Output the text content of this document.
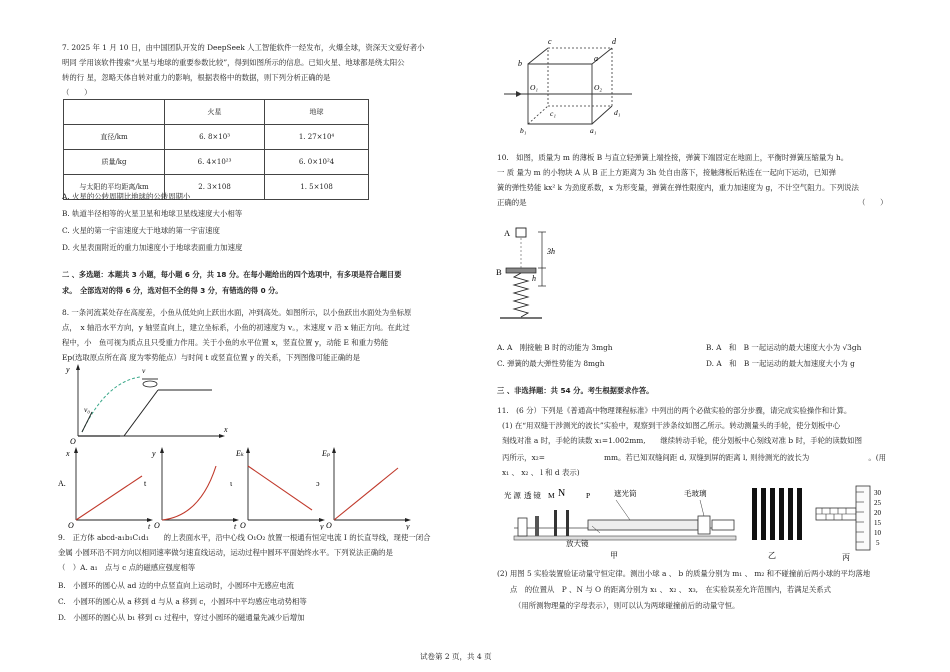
7. 2025 年 1 月 10 日，由中国团队开发的 DeepSeek 人工智能软件一经发布，火爆全球，资深天文爱好者小
明同 学用该软件搜索“火星与地球的重要参数比较”，得到如图所示的信息。已知火星、地球都是绕太阳公
转的行 星，忽略天体自转对重力的影响，根据表格中的数据，则下列分析正确的是
（　　）
	火星	地球
直径/km	6. 8×10³	1. 27×10⁴
质量/kg	6. 4×10²³	6. 0×10²4
与太阳的平均距离/km	2. 3×108	1. 5×108
A. 火星的公转周期比地球的公转周期小
B. 轨道半径相等的火星卫星和地球卫星线速度大小相等
C. 火星的第一宇宙速度大于地球的第一宇宙速度
D. 火星表面附近的重力加速度小于地球表面重力加速度
二 、多选题：本题共 3 小题，每小题 6 分，共 18 分。在每小题给出的四个选项中，有多项是符合题目要
求。　全部选对的得 6 分，选对但不全的得 3 分，有错选的得 0 分。
8. 一条河流某处存在高度差，小鱼从低处向上跃出水面，冲到高处。如图所示，以小鱼跃出水面处为坐标原
点，　x 轴沿水平方向，y 轴竖直向上，建立坐标系，小鱼的初速度为 v。，末速度 v 沿 x 轴正方向。在此过
程中，小　鱼可视为质点且只受重力作用。关于小鱼的水平位置 x，竖直位置 y，动能 E 和重力势能
Ep(选取原点所在高 度为零势能点）与时间 t 或竖直位置 y 的关系，下列图像可能正确的是
y
O
x
v₀
v
A.
x
O	t
t
y
O	t
ι
Eₖ
O	y
ɔ
Eₚ
O	y
9.　正方体 abcd-a₁b₁C₁d₁　　的上表面水平，沿中心线 O₁O₂ 放置一根通有恒定电流 I 的长直导线，现使一闭合
金属 小圆环沿不同方向以相同速率做匀速直线运动，运动过程中圆环平面始终水平。下列说法正确的是
（　）A. a₁　点与 c 点的磁感应强度相等
B.　小圆环的圆心从 ad 边的中点竖直向上运动时，小圆环中无感应电流
C.　小圆环的圆心从 a 移到 d 与从 a 移到 c，小圆环中平均感应电动势相等
D.　小圆环的圆心从 b₁ 移到 c₁ 过程中，穿过小圆环的磁通量先减少后增加
c	d
b
a
c₁	d₁
b₁	a₁
O₁	O₂
10.　如图，质量为 m 的薄板 B 与直立轻弹簧上端拴接，弹簧下端固定在地面上，平衡时弹簧压缩量为 h。
一 质 量为 m 的小物块 A 从 B 正上方距离为 3h 处自由落下，接触薄板后粘连在一起向下运动，已知弹
簧的弹性势能 kx² k 为劲度系数，x 为形变量，弹簧在弹性限度内，重力加速度为 g，不计空气阻力。下列说法
正确的是	（　　）
A
B
3h
h
A. A　刚接触 B 时的动能为 3mgh	B. A　和　B 一起运动的最大速度大小为 √3gh
C. 弹簧的最大弹性势能为 8mgh	D. A　和　B 一起运动的最大加速度大小为 g
三 、非选择题：共 54 分。考生根据要求作答。
11.　(6 分）下列是《普通高中物理课程标准》中列出的两个必做实验的部分步骤，请完成实验操作和计算。
(1) 在“用双缝干涉测光的波长”实验中，观察到干涉条纹如图乙所示。转动测量头的手轮，使分划板中心
刻线对准 a 时，手轮的读数 x₁=1.002mm,　　继续转动手轮，使分划板中心刻线对准 b 时，手轮的读数如图
丙所示，x₂=　　　　　　　　mm。若已知双缝间距 d, 双缝到屏的距离 l, 则待测光的波长为　　　　　　　　。(用
x₁ 、 x₂ 、 l 和 d 表示)
光 源 透 镜 M N	P	遮光筒	毛玻璃
放大镜
甲	乙
30
25
20
15
10
5
丙
(2) 用图 5 实验装置验证动量守恒定律。测出小球 a 、 b 的质量分别为 m₁ 、 m₂ 和不碰撞前后两小球的平均落地
点　的位置从　P 、N 与 O 的距离分别为 x₁ 、 x₂ 、 x₃,　在实验误差允许范围内，若满足关系式
（用所测物理量的字母表示），则可以认为两球碰撞前后的动量守恒。
试卷第 2 页，共 4 页
